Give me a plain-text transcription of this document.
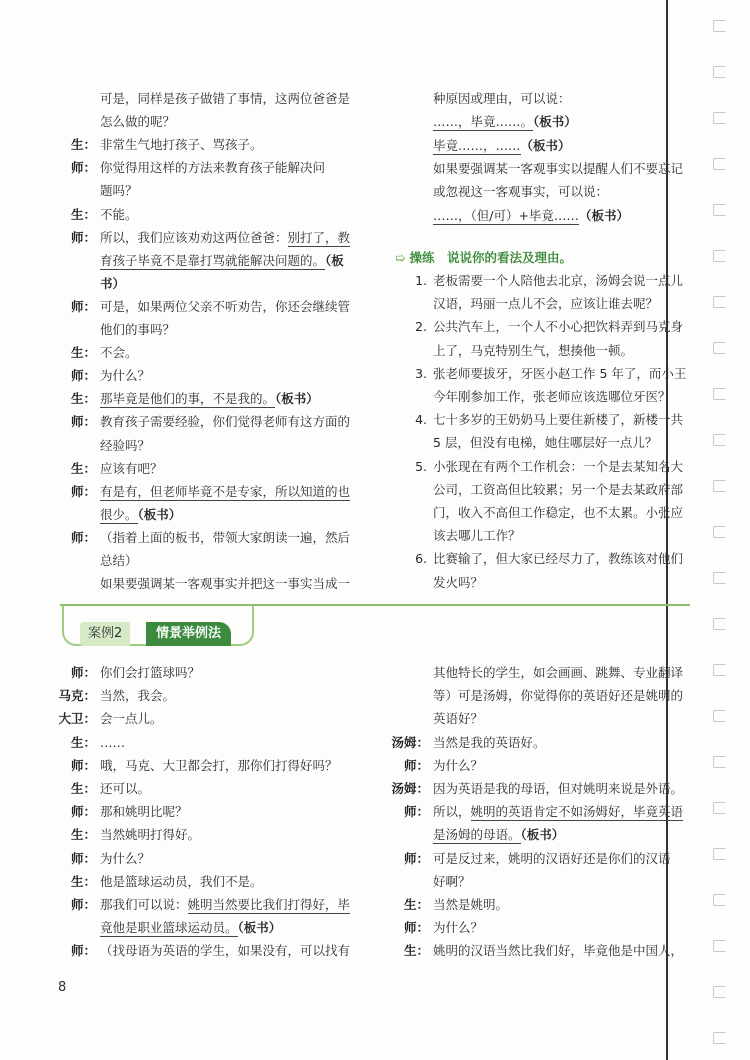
可是，同样是孩子做错了事情，这两位爸爸是
怎么做的呢？
生： 非常生气地打孩子、骂孩子。
师： 你觉得用这样的方法来教育孩子能解决问
题吗？
生： 不能。
师： 所以，我们应该劝劝这两位爸爸：别打了，教
育孩子毕竟不是靠打骂就能解决问题的。（板
书）
师： 可是，如果两位父亲不听劝告，你还会继续管
他们的事吗？
生： 不会。
师： 为什么？
生： 那毕竟是他们的事，不是我的。（板书）
师： 教育孩子需要经验，你们觉得老师有这方面的
经验吗？
生： 应该有吧？
师： 有是有，但老师毕竟不是专家，所以知道的也
很少。（板书）
师： （指着上面的板书，带领大家朗读一遍，然后
总结）
如果要强调某一客观事实并把这一事实当成一
种原因或理由，可以说：
……，毕竟……。（板书）
毕竟……，……（板书）
如果要强调某一客观事实以提醒人们不要忘记
或忽视这一客观事实，可以说：
……，（但/可）+毕竟……（板书）
➯ 操练　说说你的看法及理由。
1. 老板需要一个人陪他去北京，汤姆会说一点儿
汉语，玛丽一点儿不会，应该让谁去呢？
2. 公共汽车上，一个人不小心把饮料弄到马克身
上了，马克特别生气，想揍他一顿。
3. 张老师要拔牙，牙医小赵工作 5 年了，而小王
今年刚参加工作，张老师应该选哪位牙医？
4. 七十多岁的王奶奶马上要住新楼了，新楼一共
5 层，但没有电梯，她住哪层好一点儿？
5. 小张现在有两个工作机会：一个是去某知名大
公司，工资高但比较累；另一个是去某政府部
门，收入不高但工作稳定，也不太累。小张应
该去哪儿工作？
6. 比赛输了，但大家已经尽力了，教练该对他们
发火吗？
案例2	情景举例法
师： 你们会打篮球吗？
马克： 当然，我会。
大卫： 会一点儿。
生： ……
师： 哦，马克、大卫都会打，那你们打得好吗？
生： 还可以。
师： 那和姚明比呢？
生： 当然姚明打得好。
师： 为什么？
生： 他是篮球运动员，我们不是。
师： 那我们可以说：姚明当然要比我们打得好，毕
竟他是职业篮球运动员。（板书）
师： （找母语为英语的学生，如果没有，可以找有
其他特长的学生，如会画画、跳舞、专业翻译
等）可是汤姆，你觉得你的英语好还是姚明的
英语好？
汤姆： 当然是我的英语好。
师： 为什么？
汤姆： 因为英语是我的母语，但对姚明来说是外语。
师： 所以，姚明的英语肯定不如汤姆好，毕竟英语
是汤姆的母语。（板书）
师： 可是反过来，姚明的汉语好还是你们的汉语
好啊？
生： 当然是姚明。
师： 为什么？
生： 姚明的汉语当然比我们好，毕竟他是中国人，
8
